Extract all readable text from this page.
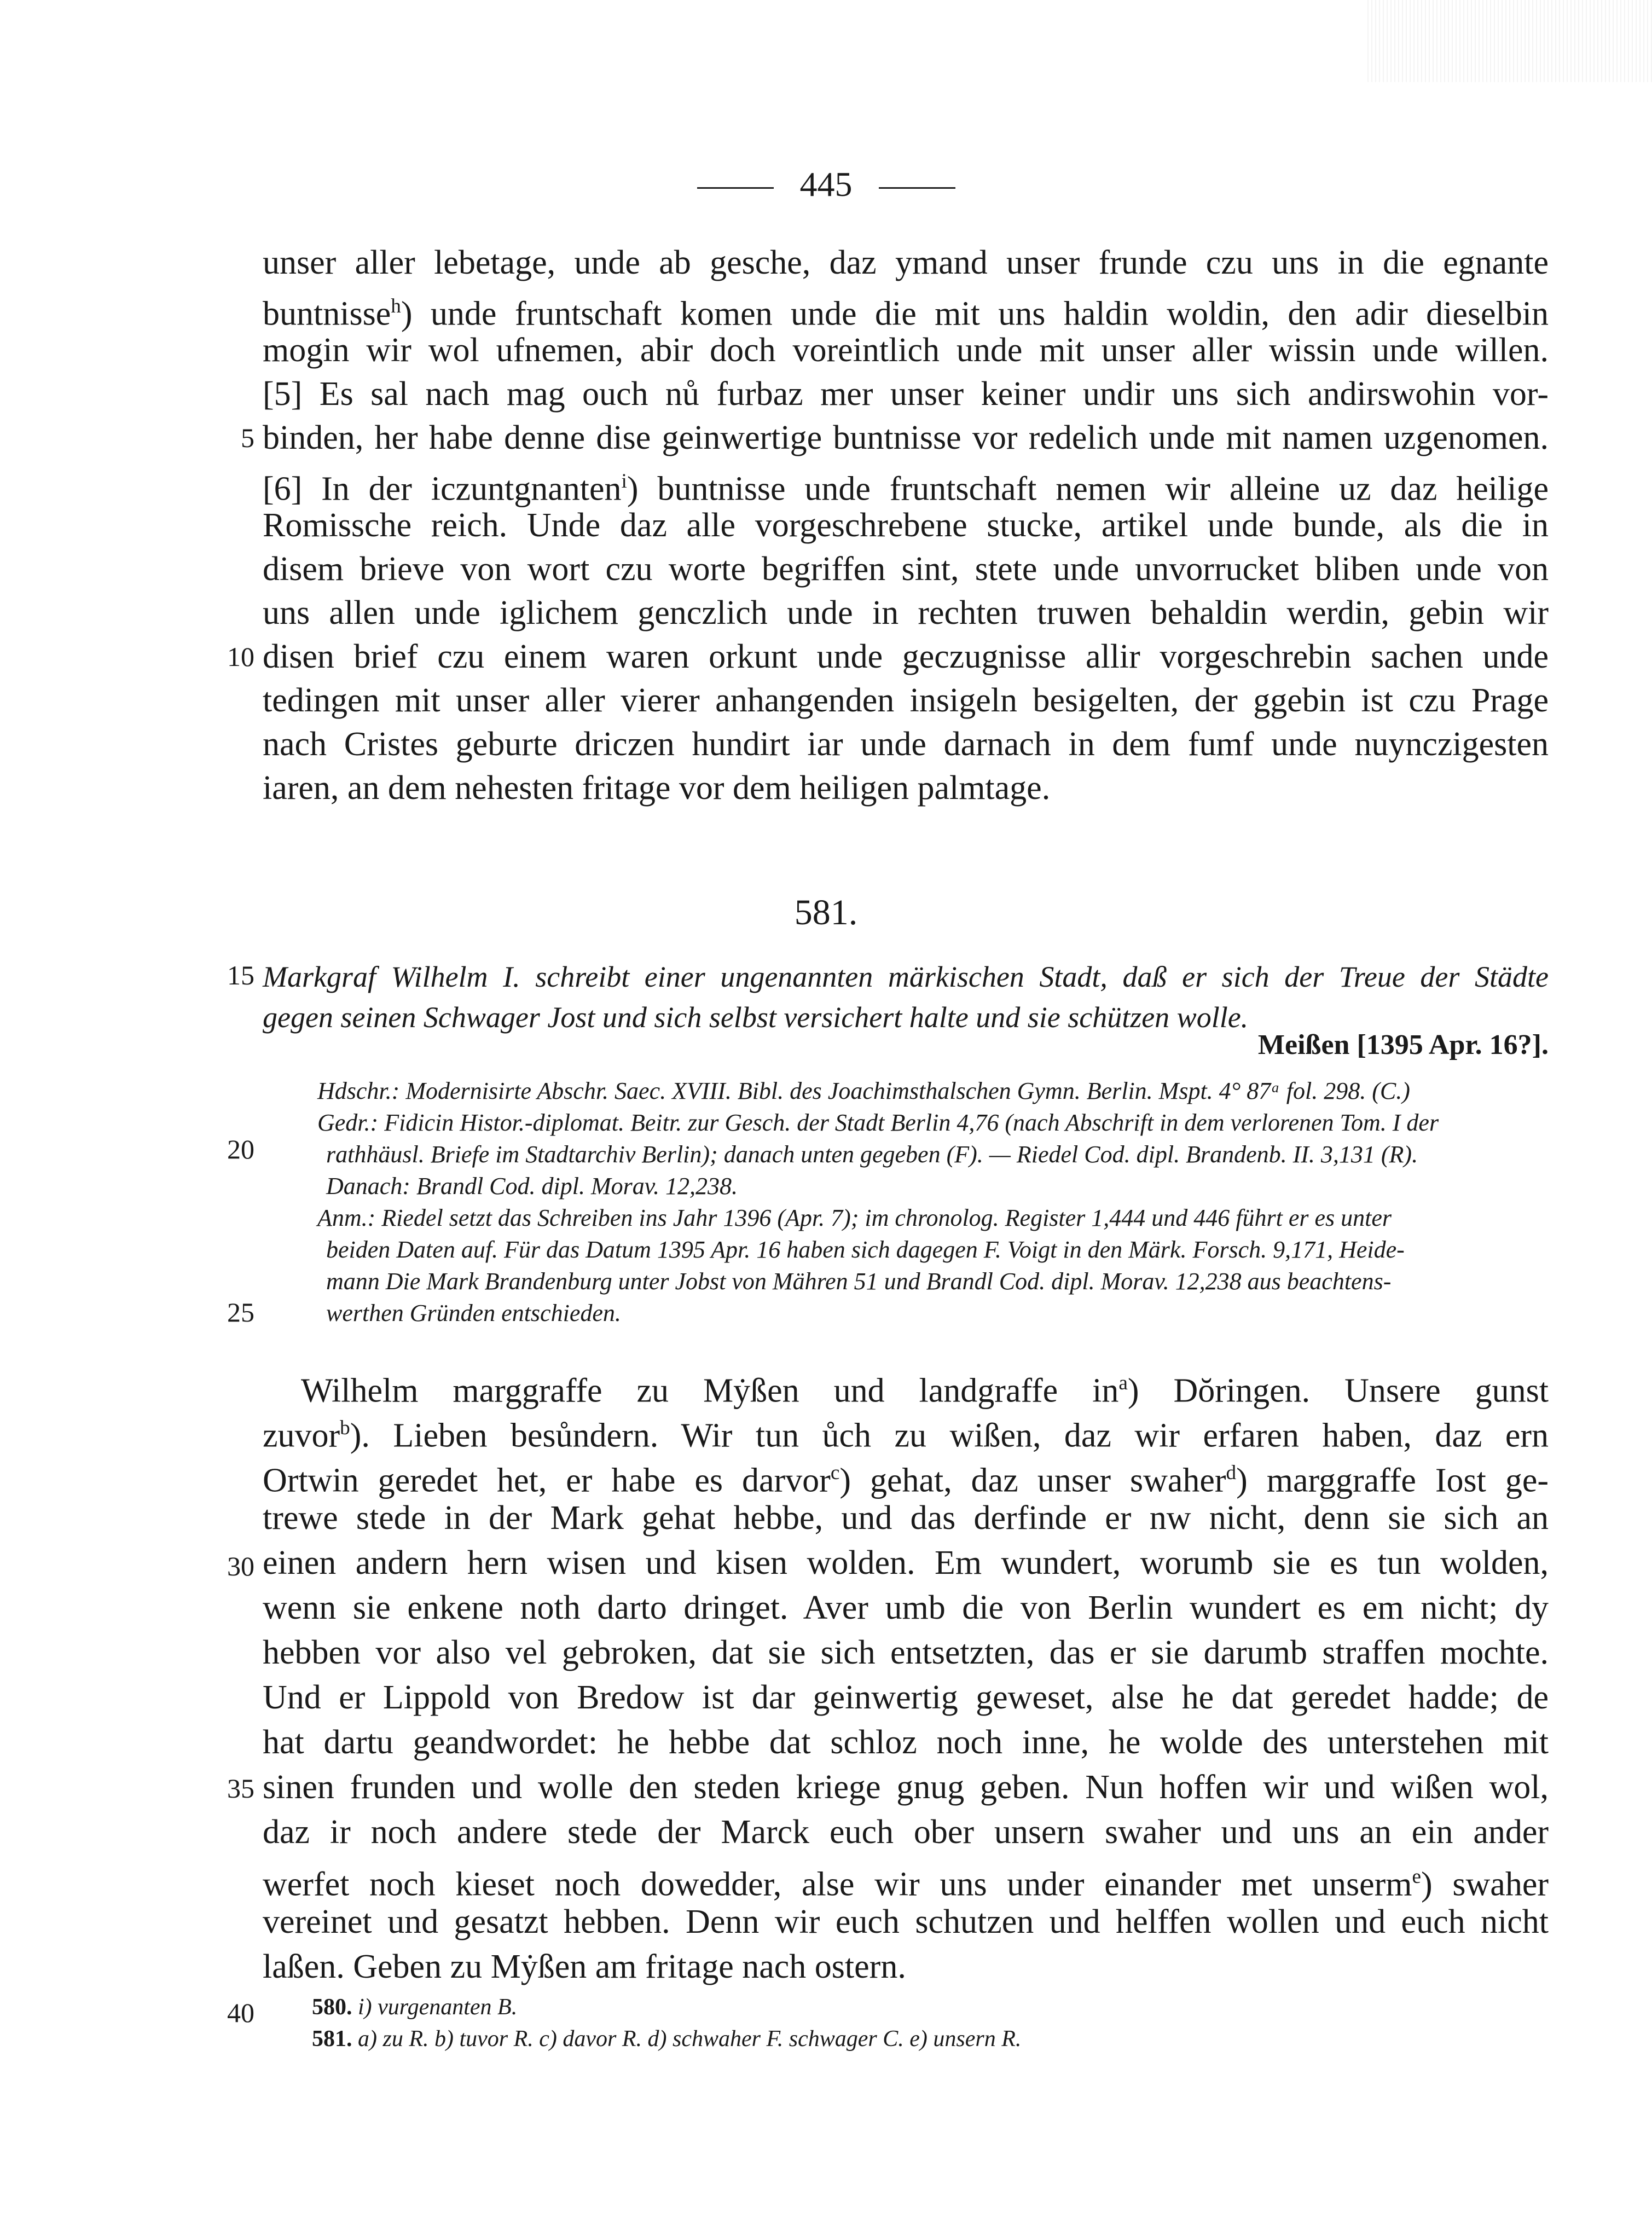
445
unser aller lebetage, unde ab gesche, daz ymand unser frunde czu uns in die egnante
buntnisse$^h$) unde fruntschaft komen unde die mit uns haldin woldin, den adir dieselbin
mogin wir wol ufnemen, abir doch voreintlich unde mit unser aller wissin unde willen.
[5] Es sal nach mag ouch nů furbaz mer unser keiner undir uns sich andirswohin vor-
binden, her habe denne dise geinwertige buntnisse vor redelich unde mit namen uzgenomen.
[6] In der iczuntgnanten$^i$) buntnisse unde fruntschaft nemen wir alleine uz daz heilige
Romissche reich. Unde daz alle vorgeschrebene stucke, artikel unde bunde, als die in
disem brieve von wort czu worte begriffen sint, stete unde unvorrucket bliben unde von
uns allen unde iglichem genczlich unde in rechten truwen behaldin werdin, gebin wir
disen brief czu einem waren orkunt unde geczugnisse allir vorgeschrebin sachen unde
tedingen mit unser aller vierer anhangenden insigeln besigelten, der ggebin ist czu Prage
nach Cristes geburte driczen hundirt iar unde darnach in dem fumf unde nuynczigesten
iaren, an dem nehesten fritage vor dem heiligen palmtage.
5
10
15
20
25
30
35
40
581.
Markgraf Wilhelm I. schreibt einer ungenannten märkischen Stadt, daß er sich der Treue der Städte
gegen seinen Schwager Jost und sich selbst versichert halte und sie schützen wolle.
Meißen [1395 Apr. 16?].
Hdschr.: Modernisirte Abschr. Saec. XVIII. Bibl. des Joachimsthalschen Gymn. Berlin. Mspt. 4° 87ᵃ fol. 298. (C.)
Gedr.: Fidicin Histor.-diplomat. Beitr. zur Gesch. der Stadt Berlin 4,76 (nach Abschrift in dem verlorenen Tom. I der
rathhäusl. Briefe im Stadtarchiv Berlin); danach unten gegeben (F). — Riedel Cod. dipl. Brandenb. II. 3,131 (R).
Danach: Brandl Cod. dipl. Morav. 12,238.
Anm.: Riedel setzt das Schreiben ins Jahr 1396 (Apr. 7); im chronolog. Register 1,444 und 446 führt er es unter
beiden Daten auf. Für das Datum 1395 Apr. 16 haben sich dagegen F. Voigt in den Märk. Forsch. 9,171, Heide-
mann Die Mark Brandenburg unter Jobst von Mähren 51 und Brandl Cod. dipl. Morav. 12,238 aus beachtens-
werthen Gründen entschieden.
Wilhelm marggraffe zu Mẏßen und landgraffe $in^a$) Dŏringen. Unsere gunst
zuvor$^b$). Lieben besůndern. Wir tun ůch zu wißen, daz wir erfaren haben, daz ern
Ortwin geredet het, er habe es darvor$^c$) gehat, daz unser swaher$^d$) marggraffe Iost ge-
trewe stede in der Mark gehat hebbe, und das derfinde er nw nicht, denn sie sich an
einen andern hern wisen und kisen wolden. Em wundert, worumb sie es tun wolden,
wenn sie enkene noth darto dringet. Aver umb die von Berlin wundert es em nicht; dy
hebben vor also vel gebroken, dat sie sich entsetzten, das er sie darumb straffen mochte.
Und er Lippold von Bredow ist dar geinwertig geweset, alse he dat geredet hadde; de
hat dartu geandwordet: he hebbe dat schloz noch inne, he wolde des unterstehen mit
sinen frunden und wolle den steden kriege gnug geben. Nun hoffen wir und wißen wol,
daz ir noch andere stede der Marck euch ober unsern swaher und uns an ein ander
werfet noch kieset noch dowedder, alse wir uns under einander met unserm$^e$) swaher
vereinet und gesatzt hebben. Denn wir euch schutzen und helffen wollen und euch nicht
laßen. Geben zu Mẏßen am fritage nach ostern.
580. i) vurgenanten B.
581. a) zu R. b) tuvor R. c) davor R. d) schwaher F. schwager C. e) unsern R.
